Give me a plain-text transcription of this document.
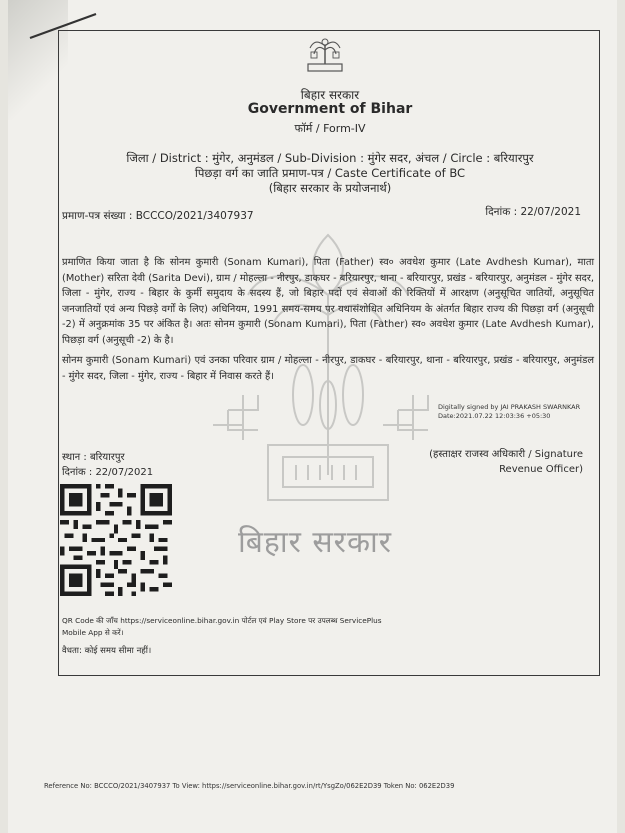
बिहार सरकार
Government of Bihar
फॉर्म / Form-IV
जिला / District : मुंगेर, अनुमंडल / Sub-Division : मुंगेर सदर, अंचल / Circle : बरियारपुर
पिछड़ा वर्ग का जाति प्रमाण-पत्र / Caste Certificate of BC
(बिहार सरकार के प्रयोजनार्थ)
प्रमाण-पत्र संख्या : BCCCO/2021/3407937	दिनांक : 22/07/2021
बिहार सरकार
प्रमाणित किया जाता है कि सोनम कुमारी (Sonam Kumari), पिता (Father) स्व० अवधेश कुमार (Late Avdhesh Kumar), माता (Mother) सरिता देवी (Sarita Devi), ग्राम / मोहल्ला - नीरपुर, डाकघर - बरियारपुर, थाना - बरियारपुर, प्रखंड - बरियारपुर, अनुमंडल - मुंगेर सदर, जिला - मुंगेर, राज्य - बिहार के कुर्मी समुदाय के सदस्य हैं, जो बिहार पदों एवं सेवाओं की रिक्तियों में आरक्षण (अनुसूचित जातियों, अनुसूचित जनजातियों एवं अन्य पिछड़े वर्गों के लिए) अधिनियम, 1991 समय-समय पर यथासंशोधित अधिनियम के अंतर्गत बिहार राज्य की पिछड़ा वर्ग (अनुसूची -2) में अनुक्रमांक 35 पर अंकित है। अतः सोनम कुमारी (Sonam Kumari), पिता (Father) स्व० अवधेश कुमार (Late Avdhesh Kumar), पिछड़ा वर्ग (अनुसूची -2) के है।
सोनम कुमारी (Sonam Kumari) एवं उनका परिवार ग्राम / मोहल्ला - नीरपुर, डाकघर - बरियारपुर, थाना - बरियारपुर, प्रखंड - बरियारपुर, अनुमंडल - मुंगेर सदर, जिला - मुंगेर, राज्य - बिहार में निवास करते हैं।
Digitally signed by JAI PRAKASH SWARNKAR
Date:2021.07.22 12:03:36 +05:30
(हस्ताक्षर राजस्व अधिकारी / Signature
Revenue Officer)
स्थान : बरियारपुर
दिनांक : 22/07/2021
QR Code की जाँच https://serviceonline.bihar.gov.in पोर्टल एवं Play Store पर उपलब्ध ServicePlus
Mobile App से करें।
वैधता: कोई समय सीमा नहीं।
Reference No: BCCCO/2021/3407937 To View: https://serviceonline.bihar.gov.in/rt/YsgZo/062E2D39 Token No: 062E2D39
